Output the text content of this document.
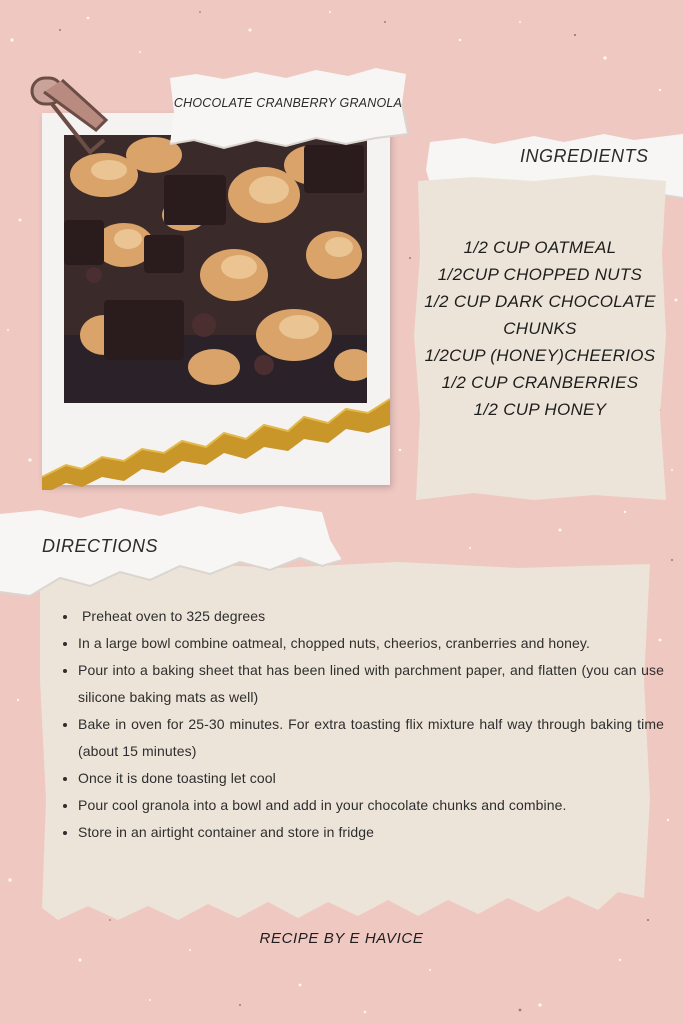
CHOCOLATE CRANBERRY GRANOLA
INGREDIENTS
1/2 CUP OATMEAL
1/2CUP CHOPPED NUTS
1/2 CUP DARK CHOCOLATE CHUNKS
1/2CUP (HONEY)CHEERIOS
1/2 CUP CRANBERRIES
1/2 CUP HONEY
DIRECTIONS
•  Preheat oven to 325 degrees
• In a large bowl combine oatmeal, chopped nuts, cheerios, cranberries and honey.
• Pour into a baking sheet that has been lined with parchment paper, and flatten (you can use silicone baking mats as well)
• Bake in oven for 25-30 minutes. For extra toasting flix mixture half way through baking time (about 15 minutes)
• Once it is done toasting let cool
• Pour cool granola into a bowl and add in your chocolate chunks and combine.
• Store in an airtight container and store in fridge
RECIPE BY E HAVICE
